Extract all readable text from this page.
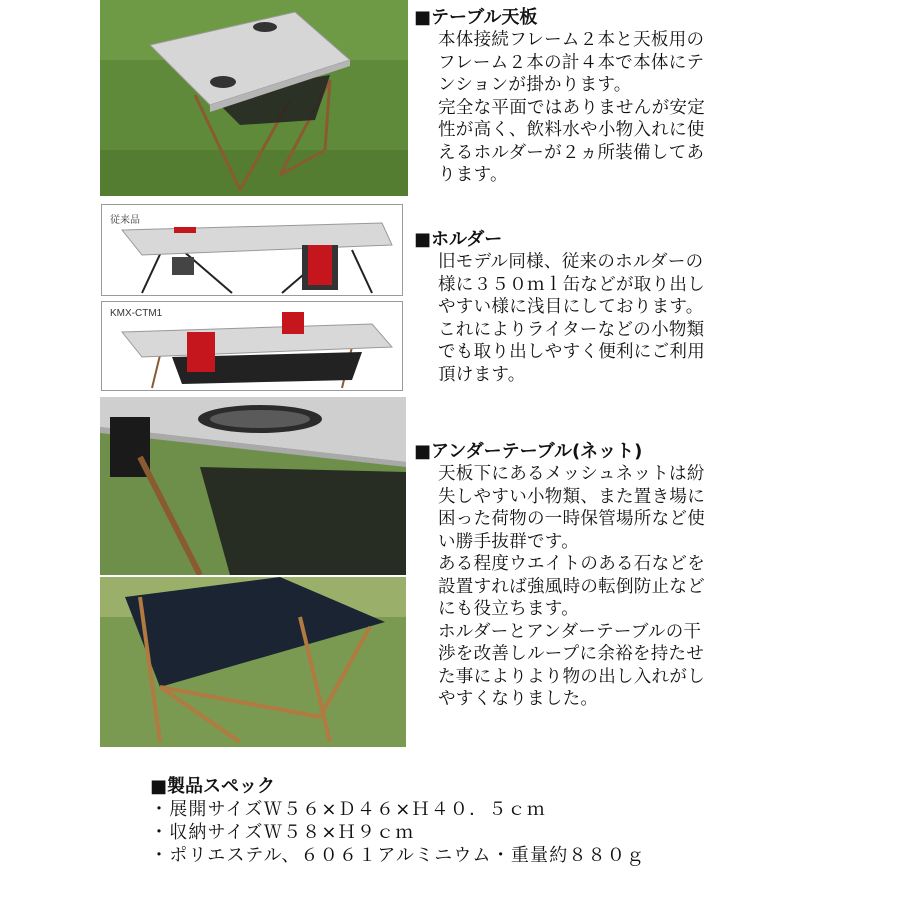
従来品
KMX-CTM1

■テーブル天板

本体接続フレーム２本と天板用の
フレーム２本の計４本で本体にテ
ンションが掛かります。
完全な平面ではありませんが安定
性が高く、飲料水や小物入れに使
えるホルダーが２ヵ所装備してあ
ります。

■ホルダー

旧モデル同様、従来のホルダーの
様に３５０ｍｌ缶などが取り出し
やすい様に浅目にしております。
これによりライターなどの小物類
でも取り出しやすく便利にご利用
頂けます。

■アンダーテーブル(ネット)

天板下にあるメッシュネットは紛
失しやすい小物類、また置き場に
困った荷物の一時保管場所など使
い勝手抜群です。
ある程度ウエイトのある石などを
設置すれば強風時の転倒防止など
にも役立ちます。
ホルダーとアンダーテーブルの干
渉を改善しループに余裕を持たせ
た事によりより物の出し入れがし
やすくなりました。

■製品スペック

・展開サイズＷ５６×Ｄ４６×Ｈ４０．５ｃｍ

・収納サイズＷ５８×Ｈ９ｃｍ

・ポリエステル、６０６１アルミニウム・重量約８８０ｇ
